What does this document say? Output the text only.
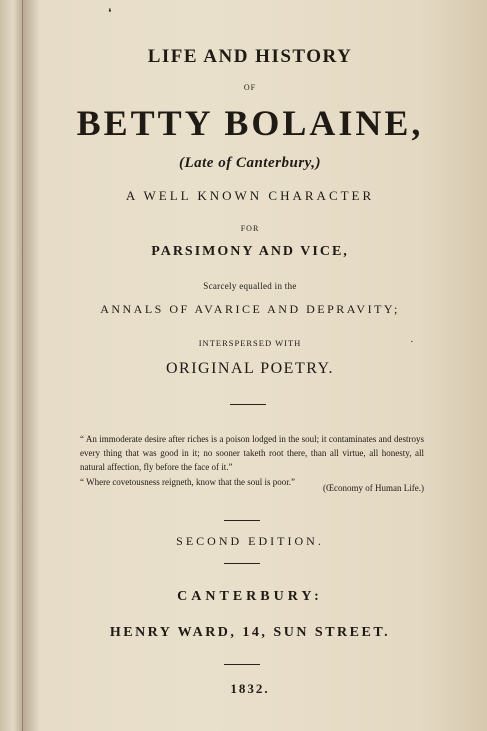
❛
·
LIFE AND HISTORY
OF
BETTY BOLAINE,
(Late of Canterbury,)
A WELL KNOWN CHARACTER
FOR
PARSIMONY AND VICE,
Scarcely equalled in the
ANNALS OF AVARICE AND DEPRAVITY;
INTERSPERSED WITH
ORIGINAL POETRY.
“ An immoderate desire after riches is a poison lodged in the soul; it contaminates and destroys every thing that was good in it; no sooner taketh root there, than all virtue, all honesty, all natural affection, fly before the face of it.”
“ Where covetousness reigneth, know that the soul is poor.”
(Œconomy of Human Life.)
SECOND EDITION.
CANTERBURY:
HENRY WARD, 14, SUN STREET.
1832.
